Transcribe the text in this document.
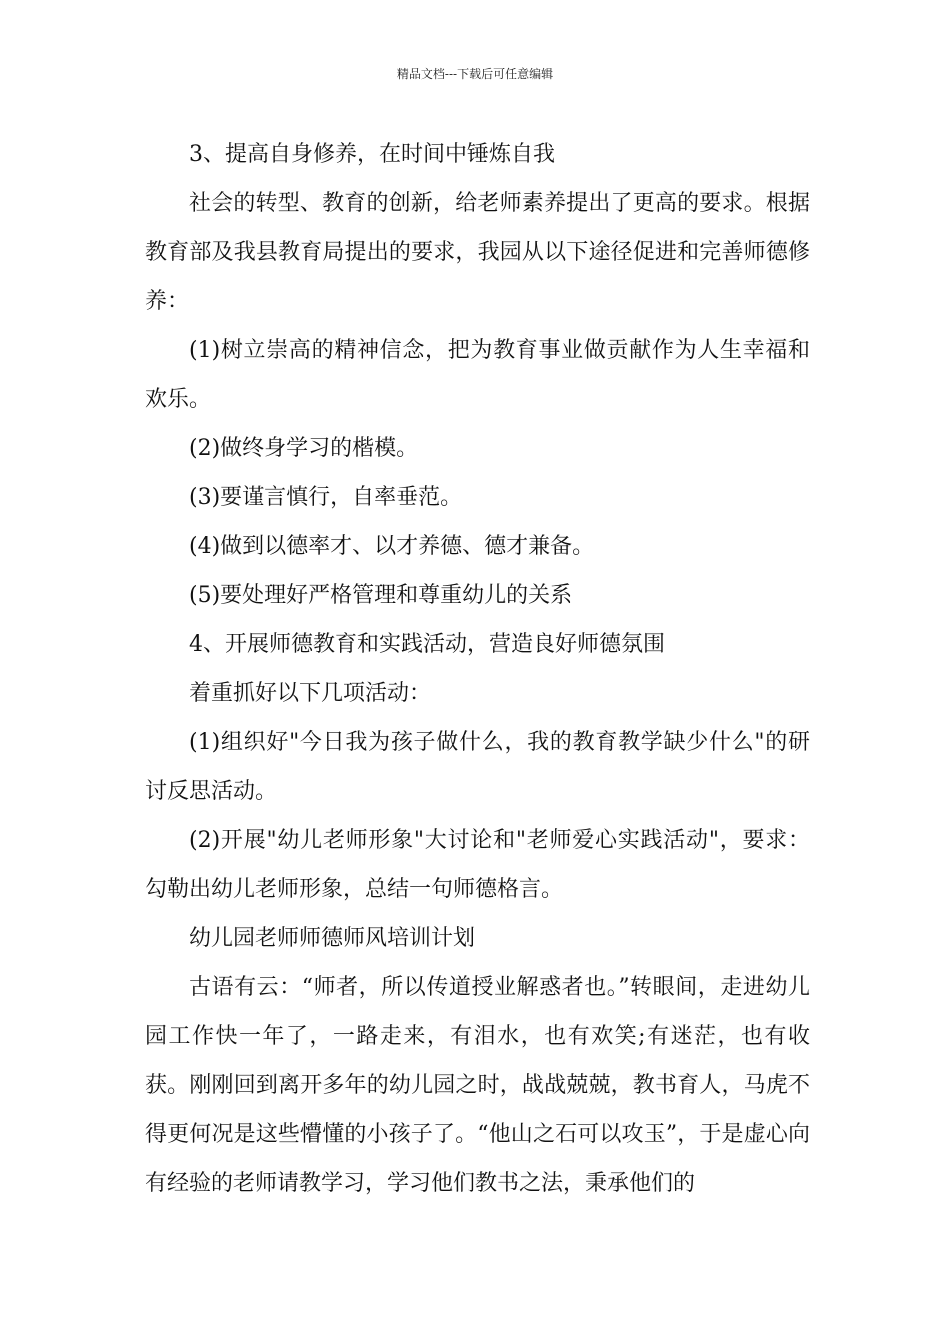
精品文档---下载后可任意编辑

3、提高自身修养，在时间中锤炼自我

社会的转型、教育的创新，给老师素养提出了更高的要求。根据教育部及我县教育局提出的要求，我园从以下途径促进和完善师德修养：

(1)树立崇高的精神信念，把为教育事业做贡献作为人生幸福和欢乐。

(2)做终身学习的楷模。

(3)要谨言慎行，自率垂范。

(4)做到以德率才、以才养德、德才兼备。

(5)要处理好严格管理和尊重幼儿的关系

4、开展师德教育和实践活动，营造良好师德氛围

着重抓好以下几项活动：

(1)组织好"今日我为孩子做什么，我的教育教学缺少什么"的研讨反思活动。

(2)开展"幼儿老师形象"大讨论和"老师爱心实践活动"，要求：勾勒出幼儿老师形象，总结一句师德格言。

幼儿园老师师德师风培训计划

古语有云：“师者，所以传道授业解惑者也。”转眼间，走进幼儿园工作快一年了，一路走来，有泪水，也有欢笑;有迷茫，也有收获。刚刚回到离开多年的幼儿园之时，战战兢兢，教书育人，马虎不得更何况是这些懵懂的小孩子了。“他山之石可以攻玉”，于是虚心向有经验的老师请教学习，学习他们教书之法，秉承他们的
